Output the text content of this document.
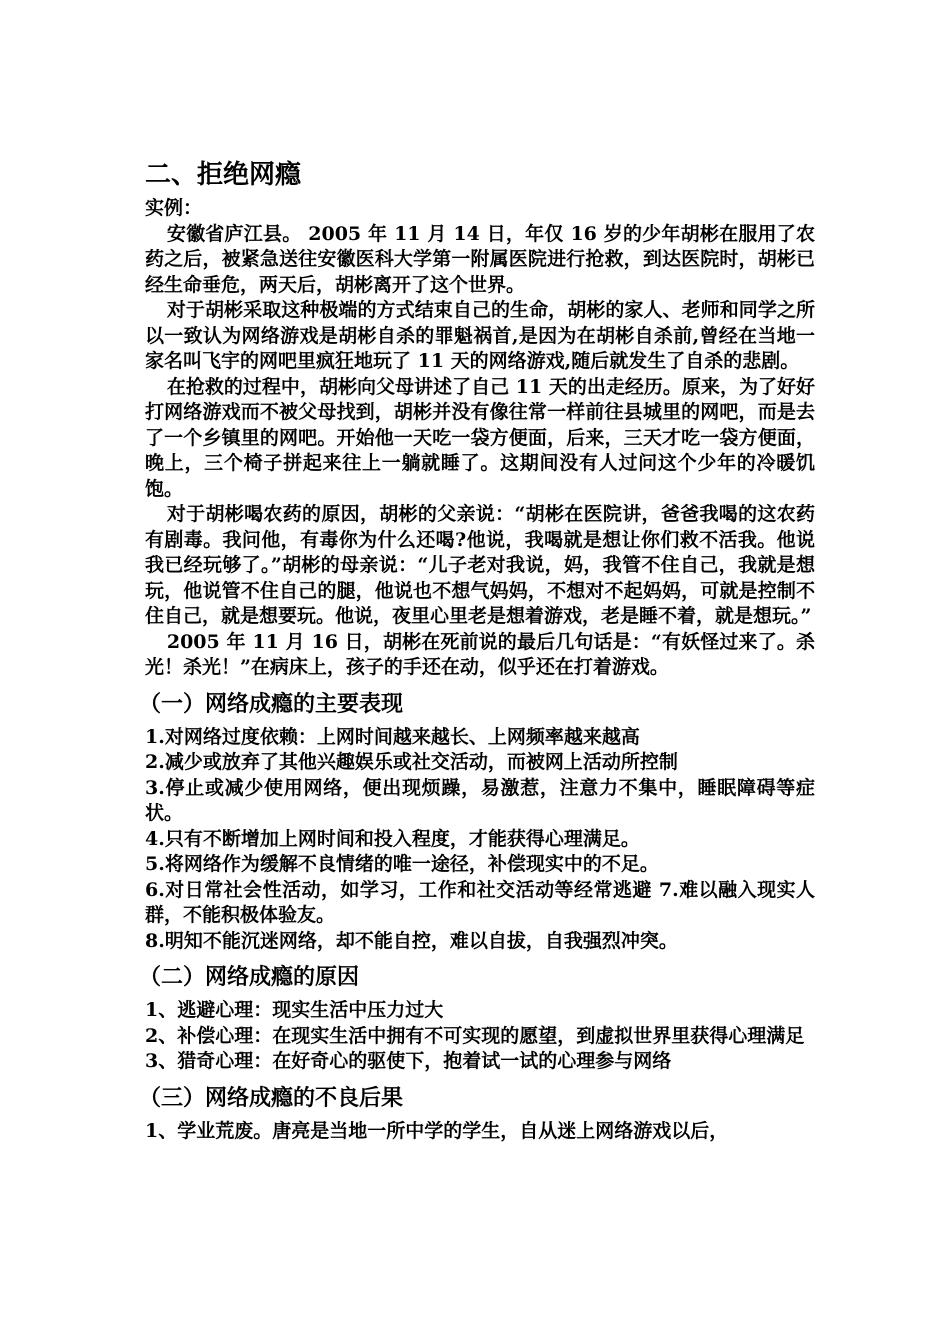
二、拒绝网瘾
实例：

安徽省庐江县。 2005 年 11 月 14 日，年仅 16 岁的少年胡彬在服用了农药之后，被紧急送往安徽医科大学第一附属医院进行抢救，到达医院时，胡彬已经生命垂危，两天后，胡彬离开了这个世界。

对于胡彬采取这种极端的方式结束自己的生命，胡彬的家人、老师和同学之所以一致认为网络游戏是胡彬自杀的罪魁祸首,是因为在胡彬自杀前,曾经在当地一家名叫飞宇的网吧里疯狂地玩了 11 天的网络游戏,随后就发生了自杀的悲剧。

在抢救的过程中，胡彬向父母讲述了自己 11 天的出走经历。原来，为了好好打网络游戏而不被父母找到，胡彬并没有像往常一样前往县城里的网吧，而是去了一个乡镇里的网吧。开始他一天吃一袋方便面，后来，三天才吃一袋方便面，晚上，三个椅子拼起来往上一躺就睡了。这期间没有人过问这个少年的冷暖饥饱。

对于胡彬喝农药的原因，胡彬的父亲说：“胡彬在医院讲，爸爸我喝的这农药有剧毒。我问他，有毒你为什么还喝?他说，我喝就是想让你们救不活我。他说我已经玩够了。”胡彬的母亲说：“儿子老对我说，妈，我管不住自己，我就是想玩，他说管不住自己的腿，他说也不想气妈妈，不想对不起妈妈，可就是控制不住自己，就是想要玩。他说，夜里心里老是想着游戏，老是睡不着，就是想玩。”

2005 年 11 月 16 日，胡彬在死前说的最后几句话是：“有妖怪过来了。杀光！杀光！”在病床上，孩子的手还在动，似乎还在打着游戏。

（一）网络成瘾的主要表现
1.对网络过度依赖：上网时间越来越长、上网频率越来越高
2.减少或放弃了其他兴趣娱乐或社交活动，而被网上活动所控制
3.停止或减少使用网络，便出现烦躁，易激惹，注意力不集中，睡眠障碍等症状。
4.只有不断增加上网时间和投入程度，才能获得心理满足。
5.将网络作为缓解不良情绪的唯一途径，补偿现实中的不足。
6.对日常社会性活动，如学习，工作和社交活动等经常逃避 7.难以融入现实人群，不能积极体验友。
8.明知不能沉迷网络，却不能自控，难以自拔，自我强烈冲突。
（二）网络成瘾的原因
1、逃避心理：现实生活中压力过大
2、补偿心理：在现实生活中拥有不可实现的愿望，到虚拟世界里获得心理满足
3、猎奇心理：在好奇心的驱使下，抱着试一试的心理参与网络
（三）网络成瘾的不良后果
1、学业荒废。唐亮是当地一所中学的学生，自从迷上网络游戏以后，
